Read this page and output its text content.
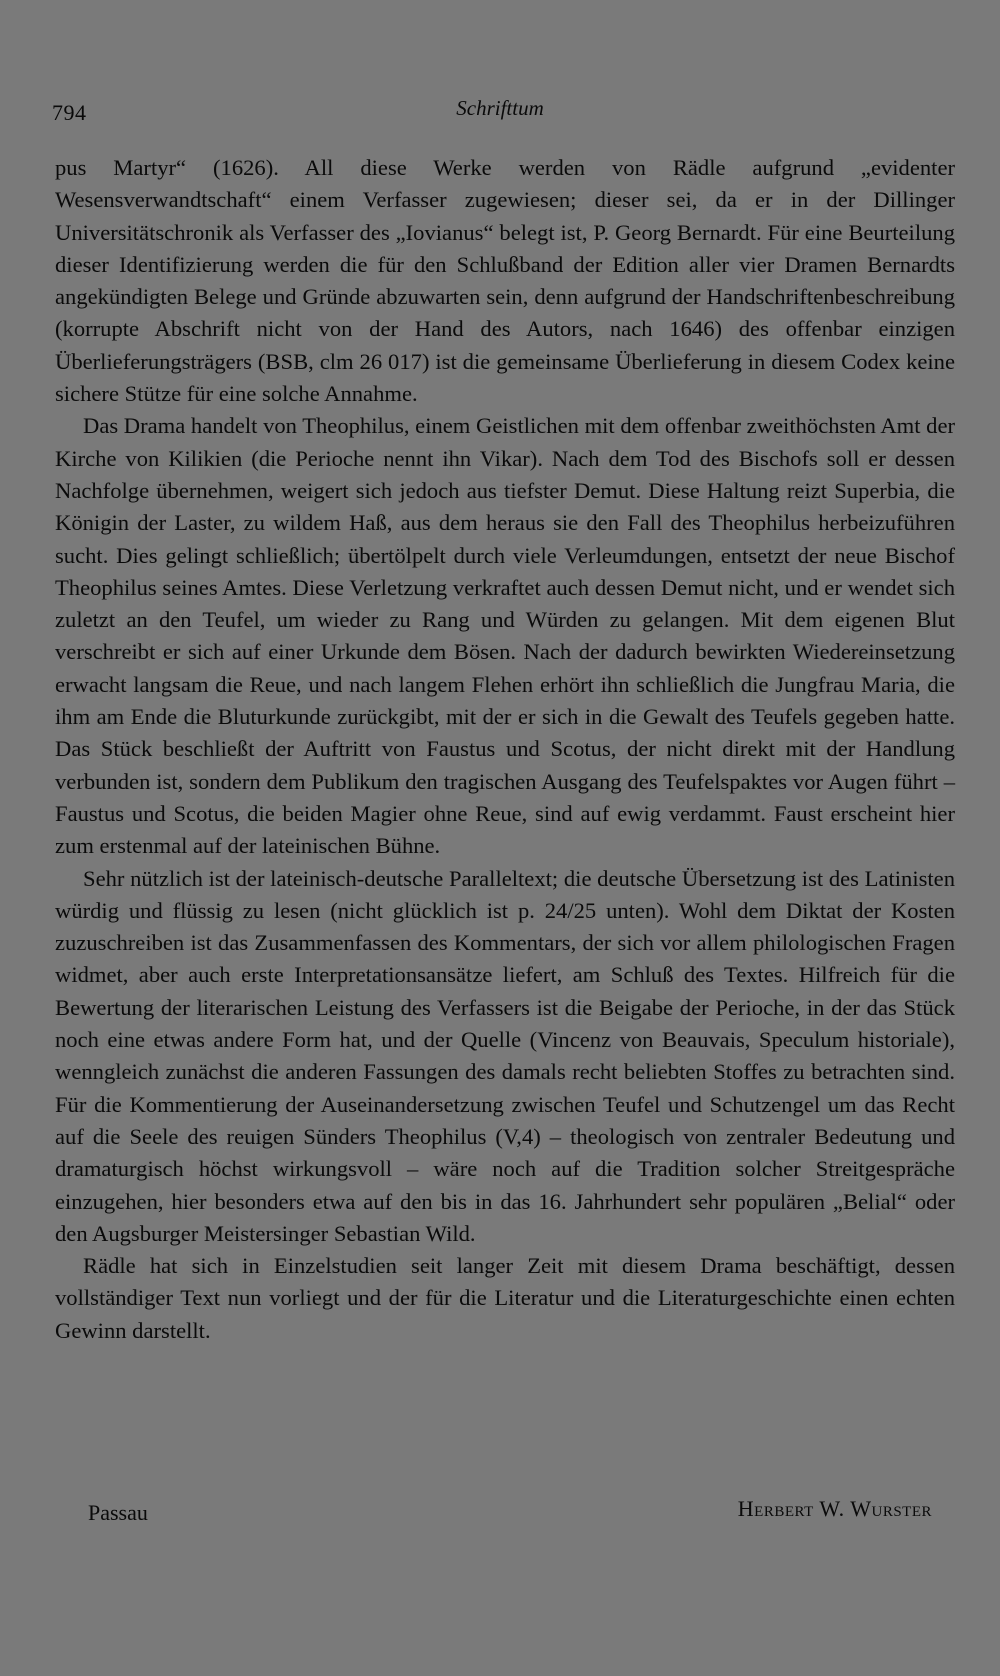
794	Schrifttum

pus Martyr“ (1626). All diese Werke werden von Rädle aufgrund „evidenter Wesensverwandtschaft“ einem Verfasser zugewiesen; dieser sei, da er in der Dillinger Universitätschronik als Verfasser des „Iovianus“ belegt ist, P. Georg Bernardt. Für eine Beurteilung dieser Identifizierung werden die für den Schlußband der Edition aller vier Dramen Bernardts angekündigten Belege und Gründe abzuwarten sein, denn aufgrund der Handschriftenbeschreibung (korrupte Abschrift nicht von der Hand des Autors, nach 1646) des offenbar einzigen Überlieferungsträgers (BSB, clm 26 017) ist die gemeinsame Überlieferung in diesem Codex keine sichere Stütze für eine solche Annahme.

Das Drama handelt von Theophilus, einem Geistlichen mit dem offenbar zweithöchsten Amt der Kirche von Kilikien (die Perioche nennt ihn Vikar). Nach dem Tod des Bischofs soll er dessen Nachfolge übernehmen, weigert sich jedoch aus tiefster Demut. Diese Haltung reizt Superbia, die Königin der Laster, zu wildem Haß, aus dem heraus sie den Fall des Theophilus herbeizuführen sucht. Dies gelingt schließlich; übertölpelt durch viele Verleumdungen, entsetzt der neue Bischof Theophilus seines Amtes. Diese Verletzung verkraftet auch dessen Demut nicht, und er wendet sich zuletzt an den Teufel, um wieder zu Rang und Würden zu gelangen. Mit dem eigenen Blut verschreibt er sich auf einer Urkunde dem Bösen. Nach der dadurch bewirkten Wiedereinsetzung erwacht langsam die Reue, und nach langem Flehen erhört ihn schließlich die Jungfrau Maria, die ihm am Ende die Bluturkunde zurückgibt, mit der er sich in die Gewalt des Teufels gegeben hatte. Das Stück beschließt der Auftritt von Faustus und Scotus, der nicht direkt mit der Handlung verbunden ist, sondern dem Publikum den tragischen Ausgang des Teufelspaktes vor Augen führt – Faustus und Scotus, die beiden Magier ohne Reue, sind auf ewig verdammt. Faust erscheint hier zum erstenmal auf der lateinischen Bühne.

Sehr nützlich ist der lateinisch-deutsche Paralleltext; die deutsche Übersetzung ist des Latinisten würdig und flüssig zu lesen (nicht glücklich ist p. 24/25 unten). Wohl dem Diktat der Kosten zuzuschreiben ist das Zusammenfassen des Kommentars, der sich vor allem philologischen Fragen widmet, aber auch erste Interpretationsansätze liefert, am Schluß des Textes. Hilfreich für die Bewertung der literarischen Leistung des Verfassers ist die Beigabe der Perioche, in der das Stück noch eine etwas andere Form hat, und der Quelle (Vincenz von Beauvais, Speculum historiale), wenngleich zunächst die anderen Fassungen des damals recht beliebten Stoffes zu betrachten sind. Für die Kommentierung der Auseinandersetzung zwischen Teufel und Schutzengel um das Recht auf die Seele des reuigen Sünders Theophilus (V,4) – theologisch von zentraler Bedeutung und dramaturgisch höchst wirkungsvoll – wäre noch auf die Tradition solcher Streitgespräche einzugehen, hier besonders etwa auf den bis in das 16. Jahrhundert sehr populären „Belial“ oder den Augsburger Meistersinger Sebastian Wild.

Rädle hat sich in Einzelstudien seit langer Zeit mit diesem Drama beschäftigt, dessen vollständiger Text nun vorliegt und der für die Literatur und die Literaturgeschichte einen echten Gewinn darstellt.

Passau	Herbert W. Wurster
